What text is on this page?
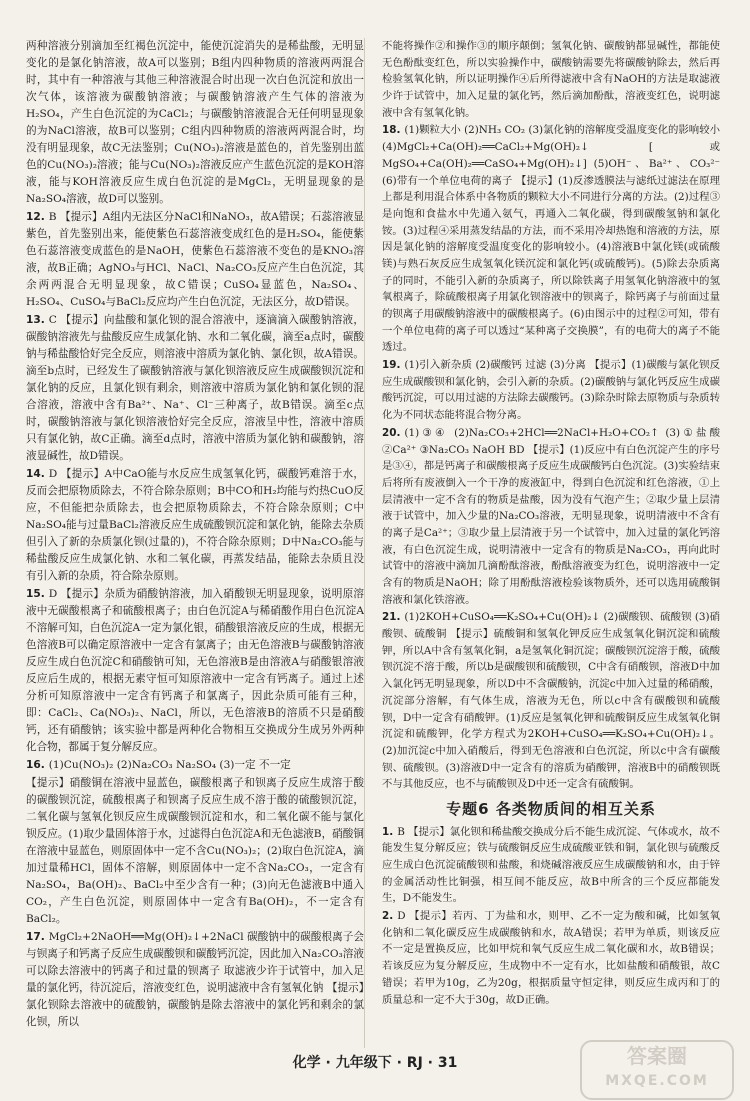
两种溶液分别滴加至红褐色沉淀中，能使沉淀消失的是稀盐酸，无明显变化的是氯化钠溶液，故A可以鉴别；B组内四种物质的溶液两两混合时，其中有一种溶液与其他三种溶液混合时出现一次白色沉淀和放出一次气体，该溶液为碳酸钠溶液；与碳酸钠溶液产生气体的溶液为H₂SO₄，产生白色沉淀的为CaCl₂；与碳酸钠溶液混合无任何明显现象的为NaCl溶液，故B可以鉴别；C组内四种物质的溶液两两混合时，均没有明显现象，故C无法鉴别；Cu(NO₃)₂溶液是蓝色的，首先鉴别出蓝色的Cu(NO₃)₂溶液；能与Cu(NO₃)₂溶液反应产生蓝色沉淀的是KOH溶液，能与KOH溶液反应生成白色沉淀的是MgCl₂，无明显现象的是Na₂SO₄溶液，故D可以鉴别。
12. B 【提示】A组内无法区分NaCl和NaNO₃，故A错误；石蕊溶液显紫色，首先鉴别出来，能使紫色石蕊溶液变成红色的是H₂SO₄，能使紫色石蕊溶液变成蓝色的是NaOH，使紫色石蕊溶液不变色的是KNO₃溶液，故B正确；AgNO₃与HCl、NaCl、Na₂CO₃反应产生白色沉淀，其余两两混合无明显现象，故C错误；CuSO₄显蓝色，Na₂SO₄、H₂SO₄、CuSO₄与BaCl₂反应均产生白色沉淀，无法区分，故D错误。
13. C 【提示】向盐酸和氯化钡的混合溶液中，逐滴滴入碳酸钠溶液，碳酸钠溶液先与盐酸反应生成氯化钠、水和二氧化碳，滴至a点时，碳酸钠与稀盐酸恰好完全反应，则溶液中溶质为氯化钠、氯化钡，故A错误。滴至b点时，已经发生了碳酸钠溶液与氯化钡溶液反应生成碳酸钡沉淀和氯化钠的反应，且氯化钡有剩余，则溶液中溶质为氯化钠和氯化钡的混合溶液，溶液中含有Ba²⁺、Na⁺、Cl⁻三种离子，故B错误。滴至c点时，碳酸钠溶液与氯化钡溶液恰好完全反应，溶液呈中性，溶液中溶质只有氯化钠，故C正确。滴至d点时，溶液中溶质为氯化钠和碳酸钠，溶液显碱性，故D错误。
14. D 【提示】A中CaO能与水反应生成氢氧化钙，碳酸钙难溶于水，反而会把原物质除去，不符合除杂原则；B中CO和H₂均能与灼热CuO反应，不但能把杂质除去，也会把原物质除去，不符合除杂原则；C中Na₂SO₄能与过量BaCl₂溶液反应生成硫酸钡沉淀和氯化钠，能除去杂质但引入了新的杂质氯化钡(过量的)，不符合除杂原则；D中Na₂CO₃能与稀盐酸反应生成氯化钠、水和二氧化碳，再蒸发结晶，能除去杂质且没有引入新的杂质，符合除杂原则。
15. D 【提示】杂质为硝酸钠溶液，加入硝酸钡无明显现象，说明原溶液中无碳酸根离子和硫酸根离子；由白色沉淀A与稀硝酸作用白色沉淀A不溶解可知，白色沉淀A一定为氯化银，硝酸银溶液反应的生成，根据无色溶液B可以确定原溶液中一定含有氯离子；由无色溶液B与碳酸钠溶液反应生成白色沉淀C和硝酸钠可知，无色溶液B是由溶液A与硝酸银溶液反应后生成的，根据无素守恒可知原溶液中一定含有钙离子。通过上述分析可知原溶液中一定含有钙离子和氯离子，因此杂质可能有三种，即：CaCl₂、Ca(NO₃)₂、NaCl，所以，无色溶液B的溶质不只是硝酸钙，还有硝酸钠；该实验中都是两种化合物相互交换成分生成另外两种化合物，都属于复分解反应。
16. (1)Cu(NO₃)₂ (2)Na₂CO₃ Na₂SO₄ (3)一定 不一定
【提示】硝酸铜在溶液中显蓝色，碳酸根离子和钡离子反应生成溶于酸的碳酸钡沉淀，硫酸根离子和钡离子反应生成不溶于酸的硫酸钡沉淀，二氧化碳与氢氧化钡反应生成碳酸钡沉淀和水，和二氧化碳不能与氯化钡反应。(1)取少量固体溶于水，过滤得白色沉淀A和无色滤液B，硝酸铜在溶液中显蓝色，则原固体中一定不含Cu(NO₃)₂；(2)取白色沉淀A，滴加过量稀HCl，固体不溶解，则原固体中一定不含Na₂CO₃，一定含有Na₂SO₄，Ba(OH)₂、BaCl₂中至少含有一种；(3)向无色滤液B中通入CO₂，产生白色沉淀，则原固体中一定含有Ba(OH)₂，不一定含有BaCl₂。
17. MgCl₂+2NaOH══Mg(OH)₂↓+2NaCl 碳酸钠中的碳酸根离子会与钡离子和钙离子反应生成碳酸钡和碳酸钙沉淀，因此加入Na₂CO₃溶液可以除去溶液中的钙离子和过量的钡离子 取滤液少许于试管中，加入足量的氯化钙，待沉淀后，溶液变红色，说明滤液中含有氢氧化钠 【提示】氯化钡除去溶液中的硫酸钠，碳酸钠是除去溶液中的氯化钙和剩余的氯化钡，所以
不能将操作②和操作③的顺序颠倒；氢氧化钠、碳酸钠都显碱性，都能使无色酚酞变红色，所以实验操作中，碳酸钠需要先将碳酸钠除去，然后再检验氢氧化钠，所以证明操作④后所得滤液中含有NaOH的方法是取滤液少许于试管中，加入足量的氯化钙，然后滴加酚酞，溶液变红色，说明滤液中含有氢氧化钠。
18. (1)颗粒大小 (2)NH₃ CO₂ (3)氯化钠的溶解度受温度变化的影响较小 (4)MgCl₂+Ca(OH)₂══CaCl₂+Mg(OH)₂↓ [或MgSO₄+Ca(OH)₂══CaSO₄+Mg(OH)₂↓] (5)OH⁻、Ba²⁺、CO₃²⁻ (6)带有一个单位电荷的离子 【提示】(1)反渗透膜法与滤纸过滤法在原理上都是利用混合体系中各物质的颗粒大小不同进行分离的方法。(2)过程③是向饱和食盐水中先通入氨气，再通入二氧化碳，得到碳酸氢钠和氯化铵。(3)过程④采用蒸发结晶的方法，而不采用冷却热饱和溶液的方法，原因是氯化钠的溶解度受温度变化的影响较小。(4)溶液B中氯化镁(或硫酸镁)与熟石灰反应生成氢氧化镁沉淀和氯化钙(或硫酸钙)。(5)除去杂质离子的同时，不能引入新的杂质离子，所以除铁离子用氢氧化钠溶液中的氢氧根离子，除硫酸根离子用氯化钡溶液中的钡离子，除钙离子与前面过量的钡离子用碳酸钠溶液中的碳酸根离子。(6)由图示中的过程②可知，带有一个单位电荷的离子可以透过“某种离子交换膜”，有的电荷大的离子不能透过。
19. (1)引入新杂质 (2)碳酸钙 过滤 (3)分离 【提示】(1)碳酸与氯化钡反应生成碳酸钡和氯化钠，会引入新的杂质。(2)碳酸钠与氯化钙反应生成碳酸钙沉淀，可以用过滤的方法除去碳酸钙。(3)除杂时除去原物质与杂质转化为不同状态能将混合物分离。
20. (1)③④ (2)Na₂CO₃+2HCl══2NaCl+H₂O+CO₂↑ (3)①盐酸 ②Ca²⁺ ③Na₂CO₃ NaOH BD 【提示】(1)反应中有白色沉淀产生的序号是③④，都是钙离子和碳酸根离子反应生成碳酸钙白色沉淀。(3)实验结束后将所有废液倒入一个干净的废液缸中，得到白色沉淀和红色溶液，①上层清液中一定不含有的物质是盐酸，因为没有气泡产生；②取少量上层清液于试管中，加入少量的Na₂CO₃溶液，无明显现象，说明清液中不含有的离子是Ca²⁺；③取少量上层清液于另一个试管中，加入过量的氯化钙溶液，有白色沉淀生成，说明清液中一定含有的物质是Na₂CO₃，再向此时试管中的溶液中滴加几滴酚酞溶液，酚酞溶液变为红色，说明溶液中一定含有的物质是NaOH；除了用酚酞溶液检验该物质外，还可以选用硫酸铜溶液和氯化铁溶液。
21. (1)2KOH+CuSO₄══K₂SO₄+Cu(OH)₂↓ (2)碳酸钡、硫酸钡 (3)硝酸钡、硫酸铜 【提示】硫酸铜和氢氧化钾反应生成氢氧化铜沉淀和硫酸钾，所以A中含有氢氧化铜，a是氢氧化铜沉淀；碳酸钡沉淀溶于酸，硫酸钡沉淀不溶于酸，所以b是碳酸钡和硫酸钡，C中含有硝酸钡，溶液D中加入氯化钙无明显现象，所以D中不含碳酸钠，沉淀c中加入过量的稀硝酸，沉淀部分溶解，有气体生成，溶液为无色，所以c中含有碳酸钡和硫酸钡，D中一定含有硝酸钾。(1)反应是氢氧化钾和硫酸铜反应生成氢氧化铜沉淀和硫酸钾，化学方程式为2KOH+CuSO₄══K₂SO₄+Cu(OH)₂↓。(2)加沉淀c中加入硝酸后，得到无色溶液和白色沉淀，所以c中含有碳酸钡、硫酸钡。(3)溶液D中一定含有的溶质为硝酸钾，溶液B中的硝酸钡既不与其他反应，也不与硫酸钡及D中还一定含有硫酸铜。
专题6 各类物质间的相互关系
1. B 【提示】氯化钡和稀盐酸交换成分后不能生成沉淀、气体或水，故不能发生复分解反应；铁与硫酸铜反应生成硫酸亚铁和铜，氯化钡与硫酸反应生成白色沉淀硫酸钡和盐酸，和烧碱溶液反应生成碳酸钠和水，由于锌的金属活动性比铜强，相互间不能反应，故B中所含的三个反应都能发生，D不能发生。
2. D 【提示】若丙、丁为盐和水，则甲、乙不一定为酸和碱，比如氢氧化钠和二氧化碳反应生成碳酸钠和水，故A错误；若甲为单质，则该反应不一定是置换反应，比如甲烷和氧气反应生成二氧化碳和水，故B错误；若该反应为复分解反应，生成物中不一定有水，比如盐酸和硝酸银，故C错误；若甲为10g，乙为20g，根据质量守恒定律，则反应生成丙和丁的质量总和一定不大于30g，故D正确。
化学 · 九年级下 · RJ · 31	答案圈
MXQE.COM
